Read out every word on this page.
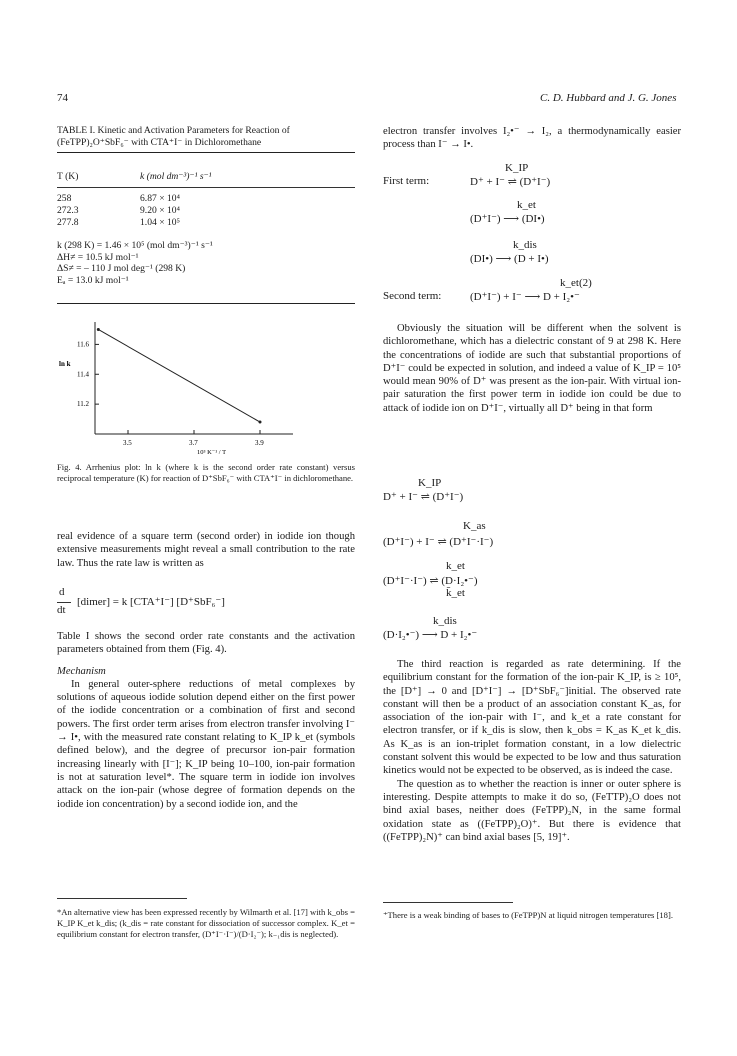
74	C. D. Hubbard and J. G. Jones
TABLE I. Kinetic and Activation Parameters for Reaction of (FeTPP)₂O⁺SbF₆⁻ with CTA⁺I⁻ in Dichloromethane
T (K)	k (mol dm⁻³)⁻¹ s⁻¹
258	6.87 × 10⁴
272.3	9.20 × 10⁴
277.8	1.04 × 10⁵
k (298 K) = 1.46 × 10⁵ (mol dm⁻³)⁻¹ s⁻¹
ΔH≠ = 10.5 kJ mol⁻¹
ΔS≠ = – 110 J mol deg⁻¹ (298 K)
Eₐ = 13.0 kJ mol⁻¹
3.5	3.7	3.9
11.6
11.4
11.2
ln k
10³ K⁻¹ / T
Fig. 4. Arrhenius plot: ln k (where k is the second order rate constant) versus reciprocal temperature (K) for reaction of D⁺SbF₆⁻ with CTA⁺I⁻ in dichloromethane.

real evidence of a square term (second order) in iodide ion though extensive measurements might reveal a small contribution to the rate law. Thus the rate law is written as

d
dt
[dimer] = k [CTA⁺I⁻] [D⁺SbF₆⁻]

Table I shows the second order rate constants and the activation parameters obtained from them (Fig. 4).

Mechanism

In general outer-sphere reductions of metal complexes by solutions of aqueous iodide solution depend either on the first power of the iodide concentration or a combination of first and second powers. The first order term arises from electron transfer involving I⁻ → I•, with the measured rate constant relating to K_IP k_et (symbols defined below), and the degree of precursor ion-pair formation increasing linearly with [I⁻]; K_IP being 10–100, ion-pair formation is not at saturation level*. The square term in iodide ion involves attack on the ion-pair (whose degree of formation depends on the iodide ion concentration) by a second iodide ion, and the

*An alternative view has been expressed recently by Wilmarth et al. [17] with k_obs = K_IP K_et k_dis; (k_dis = rate constant for dissociation of successor complex. K_et = equilibrium constant for electron transfer, (D⁺I⁻·I⁻)/(D·I₂⁻); k₋₁dis is neglected).

electron transfer involves I₂•⁻ → I₂, a thermodynamically easier process than I⁻ → I•.

First term:	D⁺ + I⁻ ⇌ (D⁺I⁻)
K_IP
(D⁺I⁻) ⟶ (DI•)
k_et
(DI•) ⟶ (D + I•)
k_dis
Second term:	(D⁺I⁻) + I⁻ ⟶ D + I₂•⁻
k_et(2)

Obviously the situation will be different when the solvent is dichloromethane, which has a dielectric constant of 9 at 298 K. Here the concentrations of iodide are such that substantial proportions of D⁺I⁻ could be expected in solution, and indeed a value of K_IP = 10⁵ would mean 90% of D⁺ was present as the ion-pair. With virtual ion-pair saturation the first power term in iodide ion could be due to attack of iodide ion on D⁺I⁻, virtually all D⁺ being in that form

D⁺ + I⁻ ⇌ (D⁺I⁻)
K_IP
(D⁺I⁻) + I⁻ ⇌ (D⁺I⁻·I⁻)
K_as
(D⁺I⁻·I⁻) ⇌ (D·I₂•⁻)
k_et
k̄_et
(D·I₂•⁻) ⟶ D + I₂•⁻
k_dis

The third reaction is regarded as rate determining. If the equilibrium constant for the formation of the ion-pair K_IP, is ≥ 10⁵, the [D⁺] → 0 and [D⁺I⁻] → [D⁺SbF₆⁻]initial. The observed rate constant will then be a product of an association constant K_as, for association of the ion-pair with I⁻, and k_et a rate constant for electron transfer, or if k_dis is slow, then k_obs = K_as K_et k_dis. As K_as is an ion-triplet formation constant, in a low dielectric constant solvent this would be expected to be low and thus saturation kinetics would not be expected to be observed, as is indeed the case.

The question as to whether the reaction is inner or outer sphere is interesting. Despite attempts to make it do so, (FeTTP)₂O does not bind axial bases, neither does (FeTPP)₂N, in the same formal oxidation state as ((FeTPP)₂O)⁺. But there is evidence that ((FeTPP)₂N)⁺ can bind axial bases [5, 19]⁺.

⁺There is a weak binding of bases to (FeTPP)N at liquid nitrogen temperatures [18].
